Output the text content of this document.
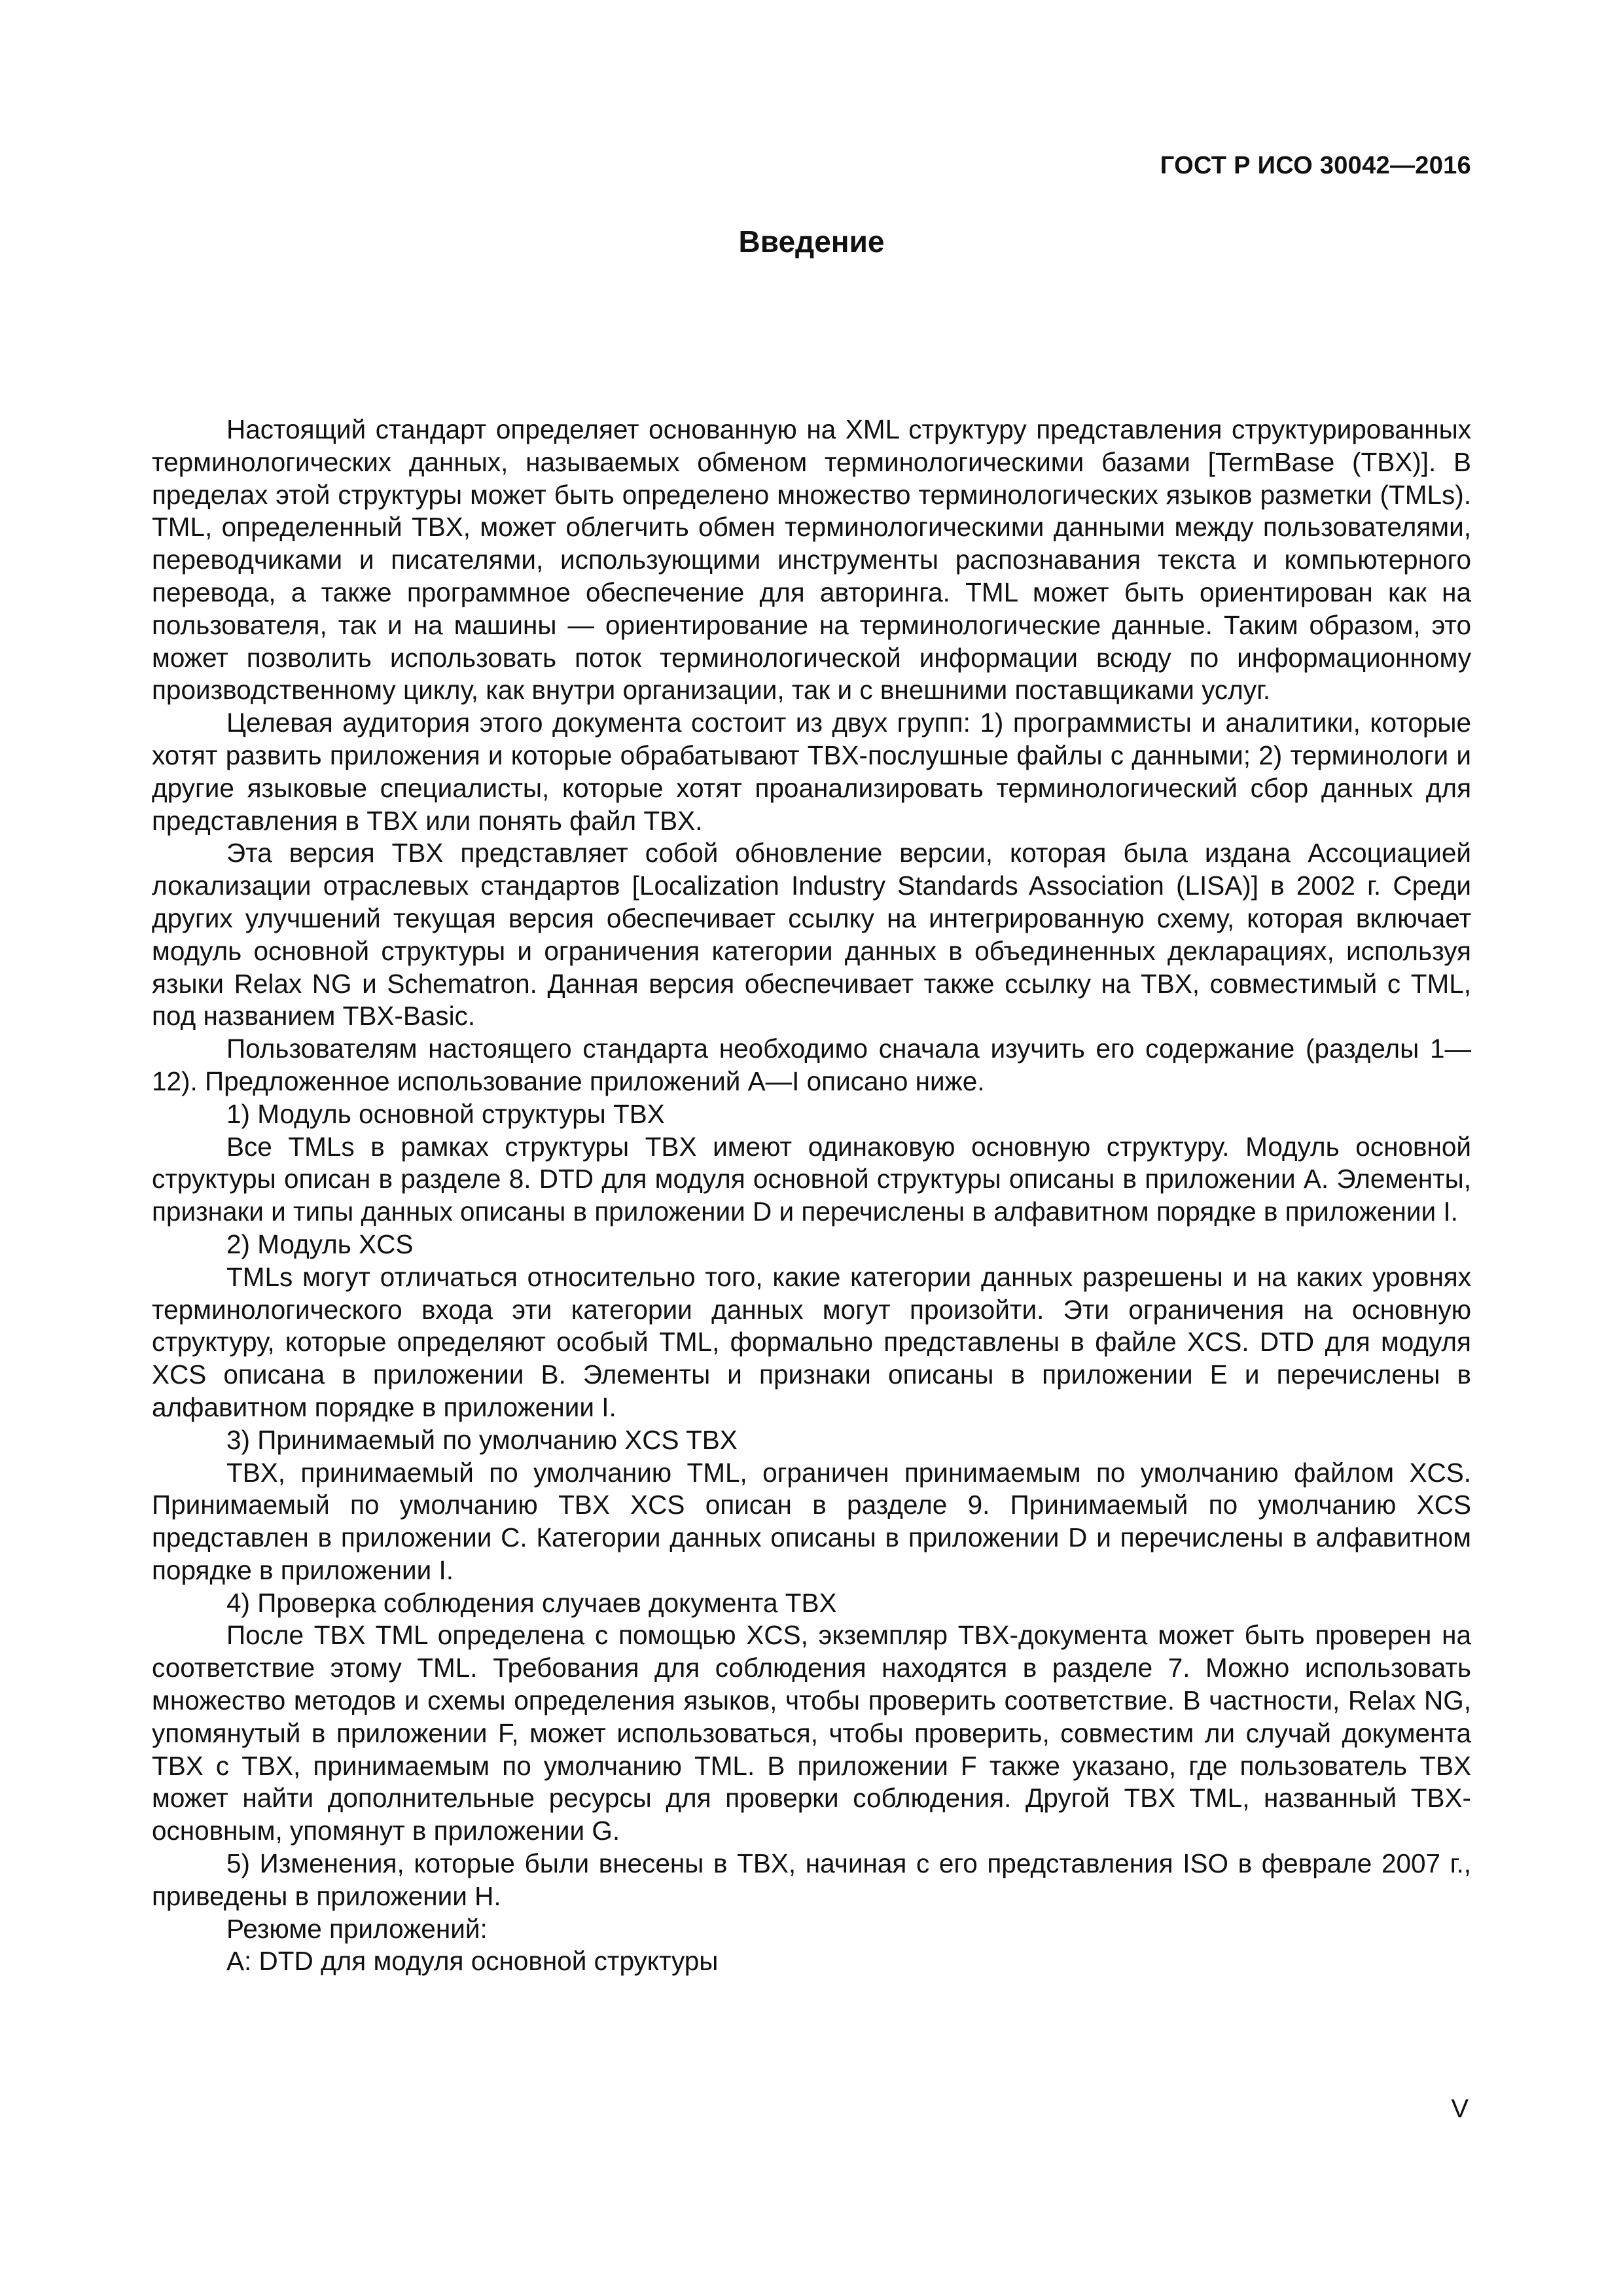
ГОСТ Р ИСО 30042—2016
Введение

Настоящий стандарт определяет основанную на XML структуру представления структурированных терминологических данных, называемых обменом терминологическими базами [TermBase (TBX)]. В пределах этой структуры может быть определено множество терминологических языков разметки (TMLs). TML, определенный TBX, может облегчить обмен терминологическими данными между пользователями, переводчиками и писателями, использующими инструменты распознавания текста и компьютерного перевода, а также программное обеспечение для авторинга. TML может быть ориентирован как на пользователя, так и на машины — ориентирование на терминологические данные. Таким образом, это может позволить использовать поток терминологической информации всюду по информационному производственному циклу, как внутри организации, так и с внешними поставщиками услуг.

Целевая аудитория этого документа состоит из двух групп: 1) программисты и аналитики, которые хотят развить приложения и которые обрабатывают TBX-послушные файлы с данными; 2) терминологи и другие языковые специалисты, которые хотят проанализировать терминологический сбор данных для представления в TBX или понять файл TBX.

Эта версия TBX представляет собой обновление версии, которая была издана Ассоциацией локализации отраслевых стандартов [Localization Industry Standards Association (LISA)] в 2002 г. Среди других улучшений текущая версия обеспечивает ссылку на интегрированную схему, которая включает модуль основной структуры и ограничения категории данных в объединенных декларациях, используя языки Relax NG и Schematron. Данная версия обеспечивает также ссылку на TBX, совместимый с TML, под названием TBX-Basic.

Пользователям настоящего стандарта необходимо сначала изучить его содержание (разделы 1—12). Предложенное использование приложений А—I описано ниже.

1) Модуль основной структуры TBX

Все TMLs в рамках структуры TBX имеют одинаковую основную структуру. Модуль основной структуры описан в разделе 8. DTD для модуля основной структуры описаны в приложении А. Элементы, признаки и типы данных описаны в приложении D и перечислены в алфавитном порядке в приложении I.

2) Модуль XCS

TMLs могут отличаться относительно того, какие категории данных разрешены и на каких уровнях терминологического входа эти категории данных могут произойти. Эти ограничения на основную структуру, которые определяют особый TML, формально представлены в файле XCS. DTD для модуля XCS описана в приложении B. Элементы и признаки описаны в приложении E и перечислены в алфавитном порядке в приложении I.

3) Принимаемый по умолчанию XCS TBX

TBX, принимаемый по умолчанию TML, ограничен принимаемым по умолчанию файлом XCS. Принимаемый по умолчанию TBX XCS описан в разделе 9. Принимаемый по умолчанию XCS представлен в приложении С. Категории данных описаны в приложении D и перечислены в алфавитном порядке в приложении I.

4) Проверка соблюдения случаев документа TBX

После TBX TML определена с помощью XCS, экземпляр TBX-документа может быть проверен на соответствие этому TML. Требования для соблюдения находятся в разделе 7. Можно использовать множество методов и схемы определения языков, чтобы проверить соответствие. В частности, Relax NG, упомянутый в приложении F, может использоваться, чтобы проверить, совместим ли случай документа TBX с TBX, принимаемым по умолчанию TML. В приложении F также указано, где пользователь TBX может найти дополнительные ресурсы для проверки соблюдения. Другой TBX TML, названный TBX-основным, упомянут в приложении G.

5) Изменения, которые были внесены в TBX, начиная с его представления ISO в феврале 2007 г., приведены в приложении H.

Резюме приложений:

А: DTD для модуля основной структуры

V
